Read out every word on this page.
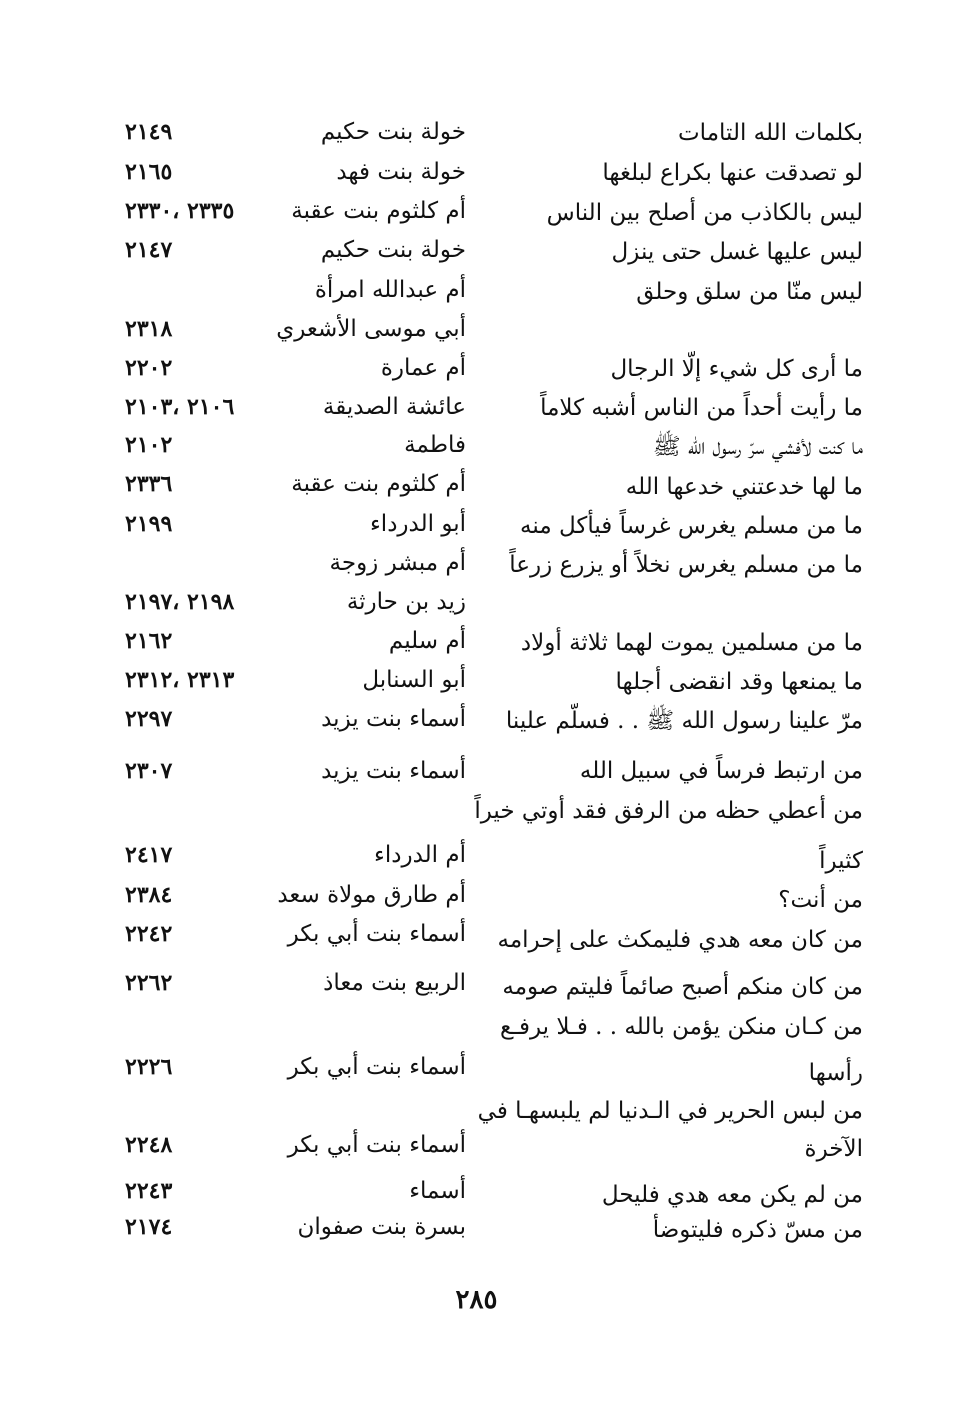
٢٨٥
بكلمات الله التامات
خولة بنت حكيم
٢١٤٩
لو تصدقت عنها بكراع لبلغها
خولة بنت فهد
٢١٦٥
ليس بالكاذب من أصلح بين الناس
أم كلثوم بنت عقبة
٢٣٣٥ ،٢٣٣٠
ليس عليها غسل حتى ينزل
خولة بنت حكيم
٢١٤٧
ليس منّا من سلق وحلق
أم عبدالله امرأة
أبي موسى الأشعري
٢٣١٨
ما أرى كل شيء إلّا الرجال
أم عمارة
٢٢٠٢
ما رأيت أحداً من الناس أشبه كلاماً
عائشة الصديقة
٢١٠٦ ،٢١٠٣
ما كنت لأفشي سرّ رسول الله ﷺ
فاطمة
٢١٠٢
ما لها خدعتني خدعها الله
أم كلثوم بنت عقبة
٢٣٣٦
ما من مسلم يغرس غرساً فيأكل منه
أبو الدرداء
٢١٩٩
ما من مسلم يغرس نخلاً أو يزرع زرعاً
أم مبشر زوجة
زيد بن حارثة
٢١٩٨ ،٢١٩٧
ما من مسلمين يموت لهما ثلاثة أولاد
أم سليم
٢١٦٢
ما يمنعها وقد انقضى أجلها
أبو السنابل
٢٣١٣ ،٢٣١٢
مرّ علينا رسول الله ﷺ . . فسلّم علينا
أسماء بنت يزيد
٢٢٩٧
من ارتبط فرساً في سبيل الله
أسماء بنت يزيد
٢٣٠٧
من أعطي حظه من الرفق فقد أوتي خيراً
كثيراً
أم الدرداء
٢٤١٧
من أنت؟
أم طارق مولاة سعد
٢٣٨٤
من كان معه هدي فليمكث على إحرامه
أسماء بنت أبي بكر
٢٢٤٢
من كان منكم أصبح صائماً فليتم صومه
الربيع بنت معاذ
٢٢٦٢
من كـان منكن يؤمن بالله . . فـلا يرفـع
رأسها
أسماء بنت أبي بكر
٢٢٢٦
من لبس الحرير في الـدنيا لم يلبسهـا في
الآخرة
أسماء بنت أبي بكر
٢٢٤٨
من لم يكن معه هدي فليحل
أسماء
٢٢٤٣
من مسّ ذكره فليتوضأ
بسرة بنت صفوان
٢١٧٤
